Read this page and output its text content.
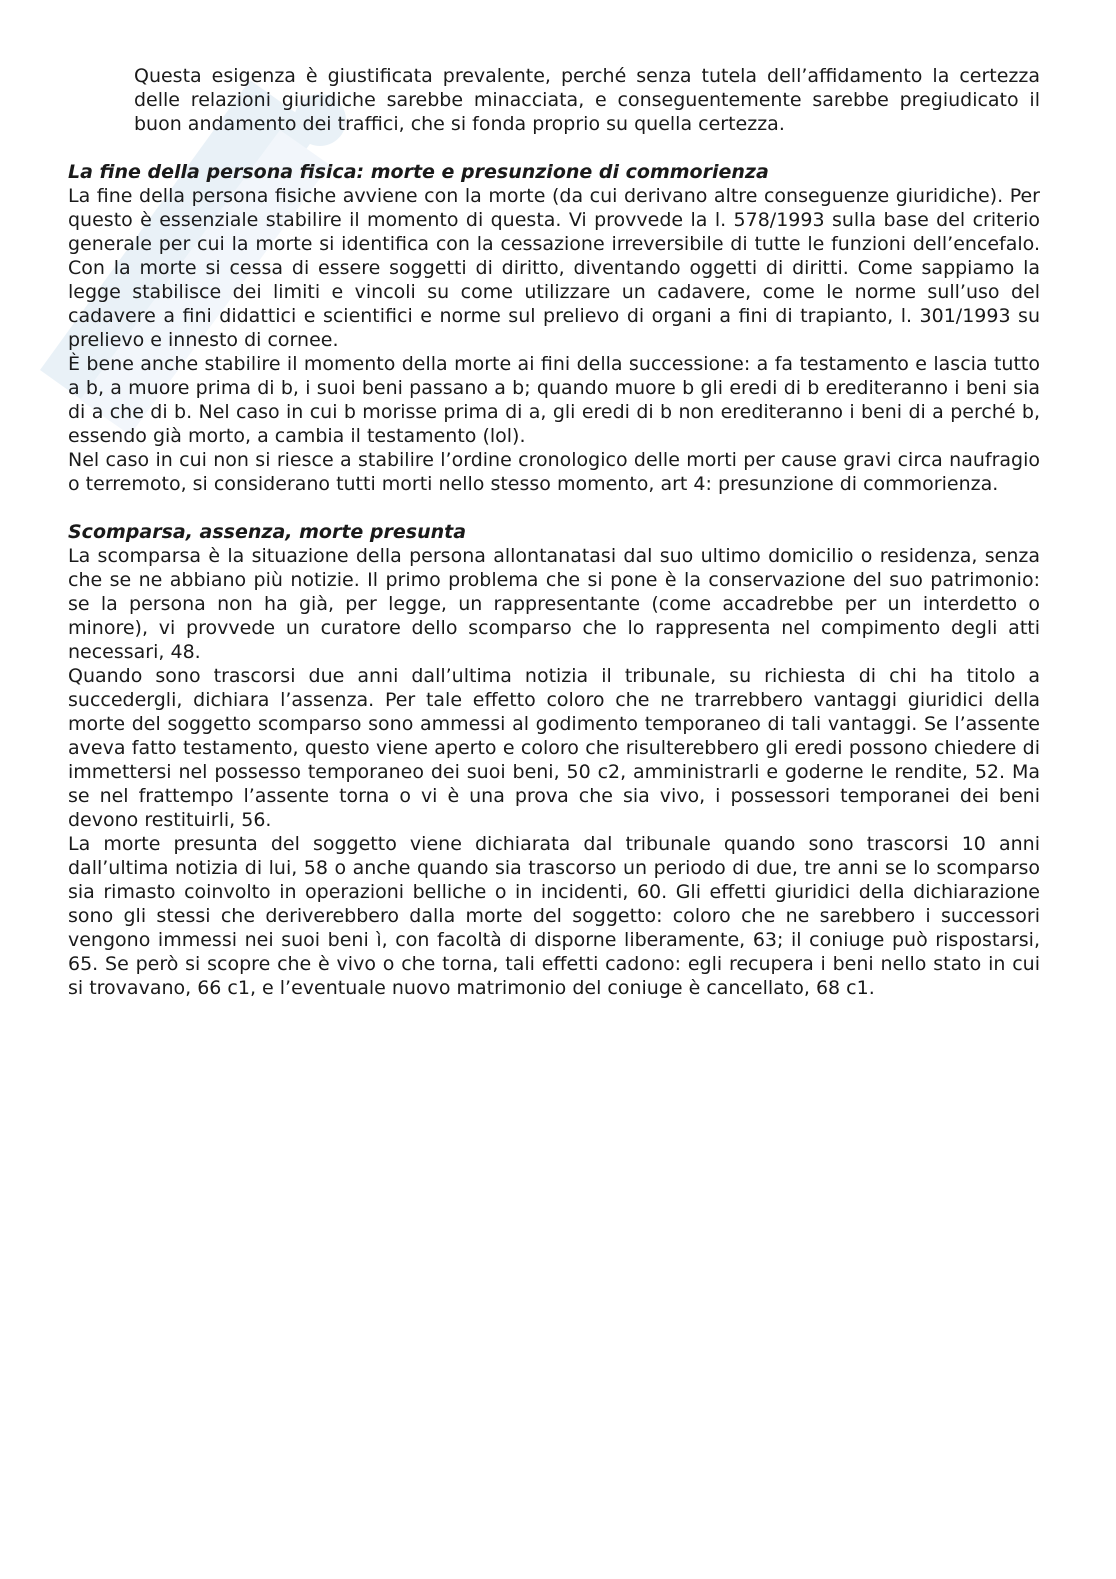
Questa esigenza è giustificata prevalente, perché senza tutela dell’affidamento la certezza delle relazioni giuridiche sarebbe minacciata, e conseguentemente sarebbe pregiudicato il buon andamento dei traffici, che si fonda proprio su quella certezza.

La fine della persona fisica: morte e presunzione di commorienza

La fine della persona fisiche avviene con la morte (da cui derivano altre conseguenze giuridiche). Per questo è essenziale stabilire il momento di questa. Vi provvede la l. 578/1993 sulla base del criterio generale per cui la morte si identifica con la cessazione irreversibile di tutte le funzioni dell’encefalo. Con la morte si cessa di essere soggetti di diritto, diventando oggetti di diritti. Come sappiamo la legge stabilisce dei limiti e vincoli su come utilizzare un cadavere, come le norme sull’uso del cadavere a fini didattici e scientifici e norme sul prelievo di organi a fini di trapianto, l. 301/1993 su prelievo e innesto di cornee.

È bene anche stabilire il momento della morte ai fini della successione: a fa testamento e lascia tutto a b, a muore prima di b, i suoi beni passano a b; quando muore b gli eredi di b erediteranno i beni sia di a che di b. Nel caso in cui b morisse prima di a, gli eredi di b non erediteranno i beni di a perché b, essendo già morto, a cambia il testamento (lol).

Nel caso in cui non si riesce a stabilire l’ordine cronologico delle morti per cause gravi circa naufragio o terremoto, si considerano tutti morti nello stesso momento, art 4: presunzione di commorienza.

Scomparsa, assenza, morte presunta

La scomparsa è la situazione della persona allontanatasi dal suo ultimo domicilio o residenza, senza che se ne abbiano più notizie. Il primo problema che si pone è la conservazione del suo patrimonio: se la persona non ha già, per legge, un rappresentante (come accadrebbe per un interdetto o minore), vi provvede un curatore dello scomparso che lo rappresenta nel compimento degli atti necessari, 48.

Quando sono trascorsi due anni dall’ultima notizia il tribunale, su richiesta di chi ha titolo a succedergli, dichiara l’assenza. Per tale effetto coloro che ne trarrebbero vantaggi giuridici della morte del soggetto scomparso sono ammessi al godimento temporaneo di tali vantaggi. Se l’assente aveva fatto testamento, questo viene aperto e coloro che risulterebbero gli eredi possono chiedere di immettersi nel possesso temporaneo dei suoi beni, 50 c2, amministrarli e goderne le rendite, 52. Ma se nel frattempo l’assente torna o vi è una prova che sia vivo, i possessori temporanei dei beni devono restituirli, 56.

La morte presunta del soggetto viene dichiarata dal tribunale quando sono trascorsi 10 anni dall’ultima notizia di lui, 58 o anche quando sia trascorso un periodo di due, tre anni se lo scomparso sia rimasto coinvolto in operazioni belliche o in incidenti, 60. Gli effetti giuridici della dichiarazione sono gli stessi che deriverebbero dalla morte del soggetto: coloro che ne sarebbero i successori vengono immessi nei suoi beni ì, con facoltà di disporne liberamente, 63; il coniuge può rispostarsi, 65. Se però si scopre che è vivo o che torna, tali effetti cadono: egli recupera i beni nello stato in cui si trovavano, 66 c1, e l’eventuale nuovo matrimonio del coniuge è cancellato, 68 c1.
